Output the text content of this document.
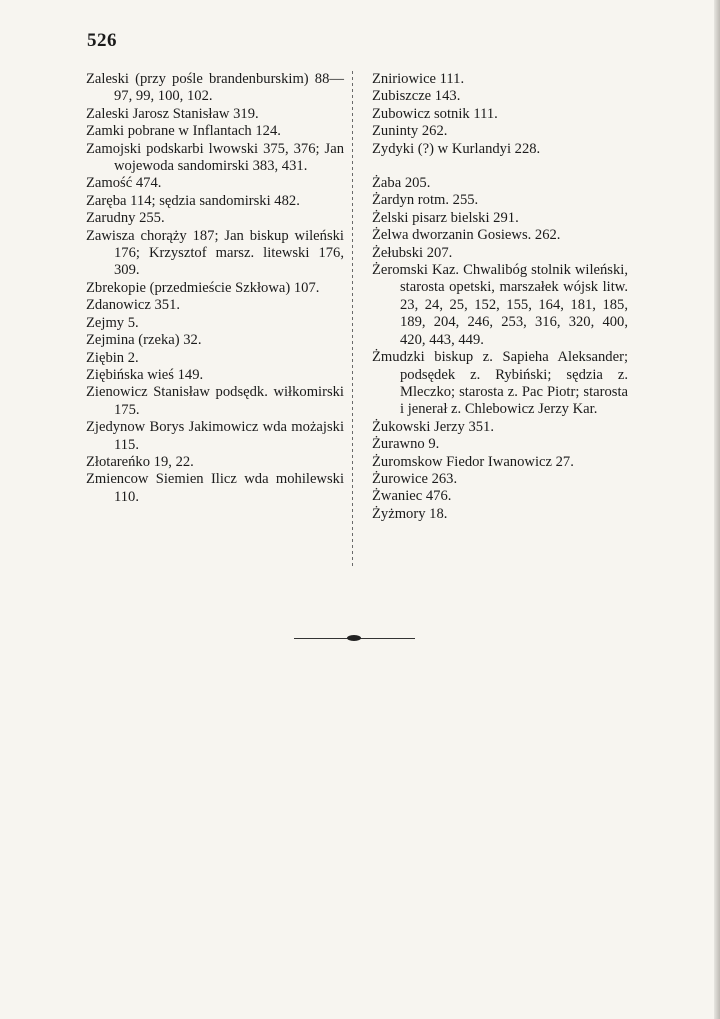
526
Zaleski (przy pośle brandenburskim) 88—97, 99, 100, 102.
Zaleski Jarosz Stanisław 319.
Zamki pobrane w Inflantach 124.
Zamojski podskarbi lwowski 375, 376; Jan wojewoda sandomirski 383, 431.
Zamość 474.
Zaręba 114; sędzia sandomirski 482.
Zarudny 255.
Zawisza chorąży 187; Jan biskup wileński 176; Krzysztof marsz. litewski 176, 309.
Zbrekopie (przedmieście Szkłowa) 107.
Zdanowicz 351.
Zejmy 5.
Zejmina (rzeka) 32.
Ziębin 2.
Ziębińska wieś 149.
Zienowicz Stanisław podsędk. wiłkomirski 175.
Zjedynow Borys Jakimowicz wda możajski 115.
Złotareńko 19, 22.
Zmiencow Siemien Ilicz wda mohilewski 110.
Zniriowice 111.
Zubiszcze 143.
Zubowicz sotnik 111.
Zuninty 262.
Zydyki (?) w Kurlandyi 228.
Żaba 205.
Żardyn rotm. 255.
Żelski pisarz bielski 291.
Żelwa dworzanin Gosiews. 262.
Żełubski 207.
Żeromski Kaz. Chwalibóg stolnik wileński, starosta opetski, marszałek wójsk litw. 23, 24, 25, 152, 155, 164, 181, 185, 189, 204, 246, 253, 316, 320, 400, 420, 443, 449.
Żmudzki biskup z. Sapieha Aleksander; podsędek z. Rybiński; sędzia z. Mleczko; starosta z. Pac Piotr; starosta i jenerał z. Chlebowicz Jerzy Kar.
Żukowski Jerzy 351.
Żurawno 9.
Żuromskow Fiedor Iwanowicz 27.
Żurowice 263.
Żwaniec 476.
Żyżmory 18.
